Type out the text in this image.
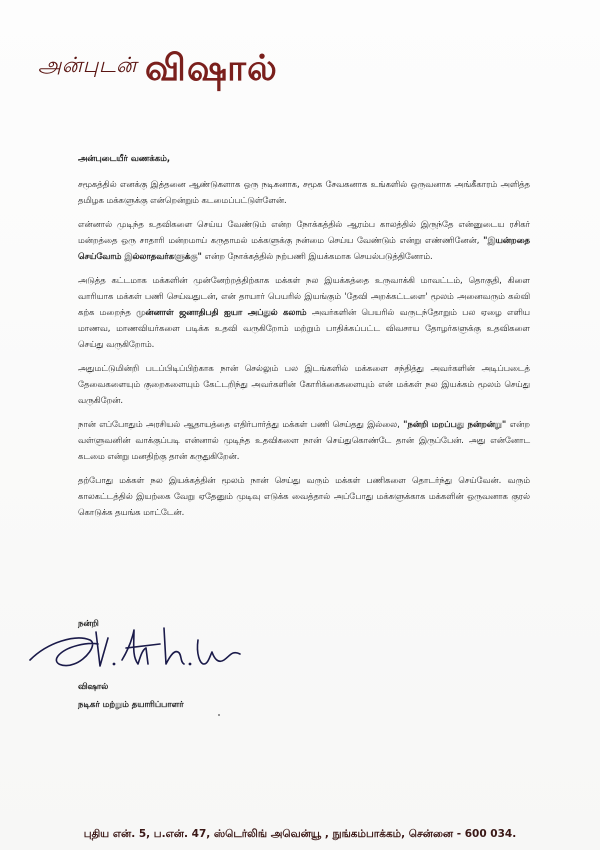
அன்புடன் விஷால்

அன்புடையீர் வணக்கம்,

சமூகத்தில் எனக்கு இத்தனை ஆண்டுகளாக ஒரு நடிகனாக, சமூக சேவகனாக உங்களில் ஒருவனாக அங்கீகாரம் அளித்த தமிழக மக்களுக்கு என்றென்றும் கடமைப்பட்டுள்ளேன்.

என்னால் முடிந்த உதவிகளை செய்ய வேண்டும் என்ற நோக்கத்தில் ஆரம்ப காலத்தில் இருந்தே என்னுடைய ரசிகர் மன்றத்தை ஒரு சாதாரி மன்றமாய் கருதாமல் மக்களுக்கு நன்மை செய்ய வேண்டும் என்று எண்ணினேன், "இயன்றதை செய்வோம் இல்லாதவர்களுக்கு" என்ற நோக்கத்தில் நற்பணி இயக்கமாக செயல்படுத்தினோம்.

அடுத்த கட்டமாக மக்களின் முன்னேற்றத்திற்காக மக்கள் நல இயக்கத்தை உருவாக்கி மாவட்டம், தொகுதி, கிளை வாரியாக மக்கள் பணி செய்வதுடன், என் தாயார் பெயரில் இயங்கும் 'தேவி அறக்கட்டளை' மூலம் அனைவரும் கல்வி கற்க மறைந்த முன்னாள் ஜனாதிபதி ஐயா அப்துல் கலாம் அவர்களின் பெயரில் வருடந்தோறும் பல ஏழை எளிய மாணவ, மாணவியர்களை படிக்க உதவி வருகிறோம் மற்றும் பாதிக்கப்பட்ட விவசாய தோழர்களுக்கு உதவிகளை செய்து வருகிறோம்.

அதுமட்டுமின்றி படப்பிடிப்பிற்காக நான் செல்லும் பல இடங்களில் மக்களை சந்தித்து அவர்களின் அடிப்படைத் தேவைகளையும் குறைகளையும் கேட்டறிந்து அவர்களின் கோரிக்கைகளையும் என் மக்கள் நல இயக்கம் மூலம் செய்து வருகிறேன்.

நான் எப்போதும் அரசியல் ஆதாயத்தை எதிர்பார்த்து மக்கள் பணி செய்தது இல்லை, "நன்றி மறப்பது நன்றன்று" என்ற வள்ளுவனின் வாக்குப்படி என்னால் முடிந்த உதவிகளை நான் செய்துகொண்டே தான் இருப்பேன். அது என்னோட கடமை என்று மனதிற்கு தான் கருதுகிறேன்.

தற்போது மக்கள் நல இயக்கத்தின் மூலம் நான் செய்து வரும் மக்கள் பணிகளை தொடர்ந்து செய்வேன். வரும் காலகட்டத்தில் இயற்கை வேறு ஏதேனும் முடிவு எடுக்க வைத்தால் அப்போது மக்களுக்காக மக்களின் ஒருவனாக குரல் கொடுக்க தயங்க மாட்டேன்.

நன்றி
விஷால்
நடிகர் மற்றும் தயாரிப்பாளர்
புதிய என். 5, ப.என். 47, ஸ்டெர்லிங் அவென்யூ , நுங்கம்பாக்கம், சென்னை - 600 034.
